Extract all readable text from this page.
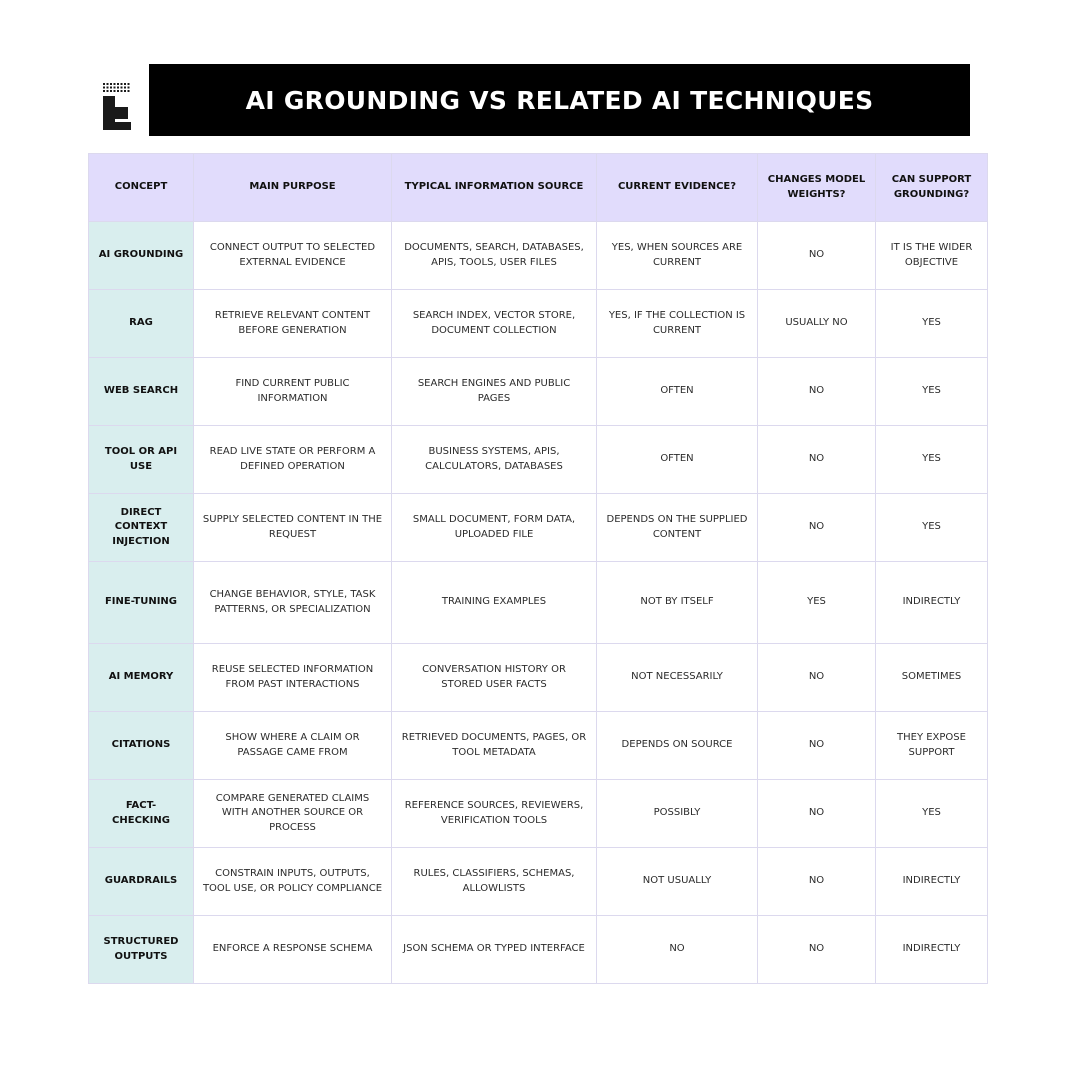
AI GROUNDING VS RELATED AI TECHNIQUES
CONCEPT	MAIN PURPOSE	TYPICAL INFORMATION SOURCE	CURRENT EVIDENCE?	CHANGES MODEL WEIGHTS?	CAN SUPPORT GROUNDING?
AI GROUNDING	CONNECT OUTPUT TO SELECTED EXTERNAL EVIDENCE	DOCUMENTS, SEARCH, DATABASES, APIS, TOOLS, USER FILES	YES, WHEN SOURCES ARE CURRENT	NO	IT IS THE WIDER OBJECTIVE
RAG	RETRIEVE RELEVANT CONTENT BEFORE GENERATION	SEARCH INDEX, VECTOR STORE, DOCUMENT COLLECTION	YES, IF THE COLLECTION IS CURRENT	USUALLY NO	YES
WEB SEARCH	FIND CURRENT PUBLIC INFORMATION	SEARCH ENGINES AND PUBLIC PAGES	OFTEN	NO	YES
TOOL OR API USE	READ LIVE STATE OR PERFORM A DEFINED OPERATION	BUSINESS SYSTEMS, APIS, CALCULATORS, DATABASES	OFTEN	NO	YES
DIRECT CONTEXT INJECTION	SUPPLY SELECTED CONTENT IN THE REQUEST	SMALL DOCUMENT, FORM DATA, UPLOADED FILE	DEPENDS ON THE SUPPLIED CONTENT	NO	YES
FINE-TUNING	CHANGE BEHAVIOR, STYLE, TASK PATTERNS, OR SPECIALIZATION	TRAINING EXAMPLES	NOT BY ITSELF	YES	INDIRECTLY
AI MEMORY	REUSE SELECTED INFORMATION FROM PAST INTERACTIONS	CONVERSATION HISTORY OR STORED USER FACTS	NOT NECESSARILY	NO	SOMETIMES
CITATIONS	SHOW WHERE A CLAIM OR PASSAGE CAME FROM	RETRIEVED DOCUMENTS, PAGES, OR TOOL METADATA	DEPENDS ON SOURCE	NO	THEY EXPOSE SUPPORT
FACT-CHECKING	COMPARE GENERATED CLAIMS WITH ANOTHER SOURCE OR PROCESS	REFERENCE SOURCES, REVIEWERS, VERIFICATION TOOLS	POSSIBLY	NO	YES
GUARDRAILS	CONSTRAIN INPUTS, OUTPUTS, TOOL USE, OR POLICY COMPLIANCE	RULES, CLASSIFIERS, SCHEMAS, ALLOWLISTS	NOT USUALLY	NO	INDIRECTLY
STRUCTURED OUTPUTS	ENFORCE A RESPONSE SCHEMA	JSON SCHEMA OR TYPED INTERFACE	NO	NO	INDIRECTLY
